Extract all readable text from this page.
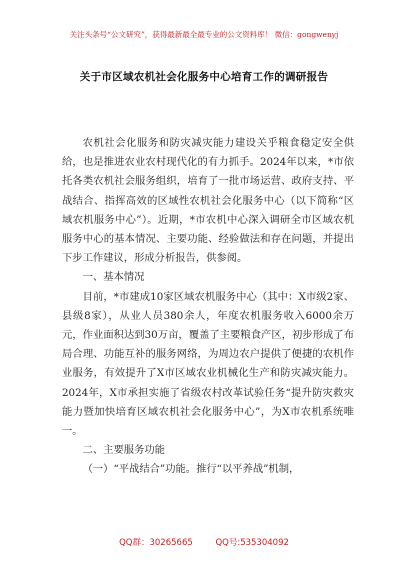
关注头条号“公文研究”，获得最新最全最专业的公文资料库！ 微信：gongwenyj
关于市区域农机社会化服务中心培育工作的调研报告

农机社会化服务和防灾减灾能力建设关乎粮食稳定安全供给，也是推进农业农村现代化的有力抓手。2024年以来，*市依托各类农机社会服务组织，培育了一批市场运营、政府支持、平战结合、指挥高效的区域性农机社会化服务中心（以下简称“区域农机服务中心”）。近期，*市农机中心深入调研全市区域农机服务中心的基本情况、主要功能、经验做法和存在问题，并提出下步工作建议，形成分析报告，供参阅。

一、基本情况

目前，*市建成10家区域农机服务中心（其中：X市级2家、县级8家），从业人员380余人，年度农机服务收入6000余万元，作业面积达到30万亩，覆盖了主要粮食产区，初步形成了布局合理、功能互补的服务网络，为周边农户提供了便捷的农机作业服务，有效提升了X市区域农业机械化生产和防灾减灾能力。2024年，X市承担实施了省级农村改革试验任务“提升防灾救灾能力暨加快培育区域农机社会化服务中心”，为X市农机系统唯一。

二、主要服务功能

（一）“平战结合”功能。推行“以平养战”机制，

QQ群：30265665	QQ号:535304092
